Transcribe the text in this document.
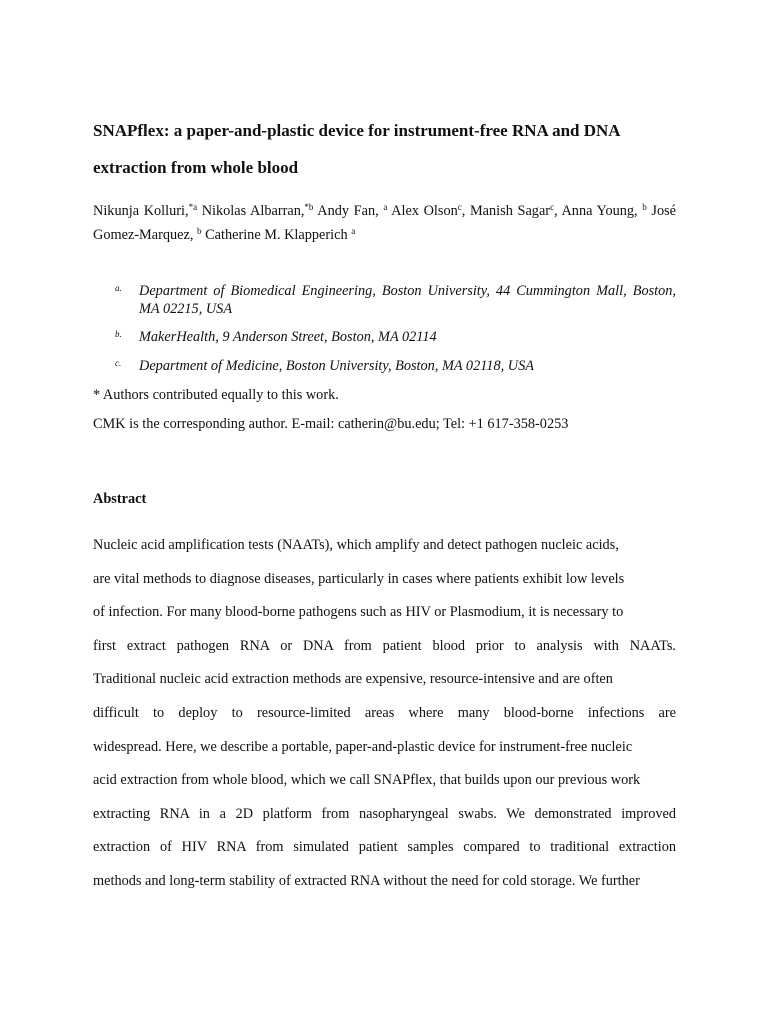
SNAPflex: a paper-and-plastic device for instrument-free RNA and DNA extraction from whole blood

Nikunja Kolluri,$^{*a}$ Nikolas Albarran,$^{*b}$ Andy Fan, $^a$ Alex Olson$^c$, Manish Sagar$^c$, Anna Young, $^b$ José Gomez-Marquez, $^b$ Catherine M. Klapperich $^a$

a. Department of Biomedical Engineering, Boston University, 44 Cummington Mall, Boston, MA 02215, USA
b. MakerHealth, 9 Anderson Street, Boston, MA 02114
c. Department of Medicine, Boston University, Boston, MA 02118, USA
* Authors contributed equally to this work.
CMK is the corresponding author. E-mail: catherin@bu.edu; Tel: +1 617-358-0253
Abstract
Nucleic acid amplification tests (NAATs), which amplify and detect pathogen nucleic acids,
are vital methods to diagnose diseases, particularly in cases where patients exhibit low levels
of infection. For many blood-borne pathogens such as HIV or Plasmodium, it is necessary to
first extract pathogen RNA or DNA from patient blood prior to analysis with NAATs.
Traditional nucleic acid extraction methods are expensive, resource-intensive and are often
difficult to deploy to resource-limited areas where many blood-borne infections are
widespread. Here, we describe a portable, paper-and-plastic device for instrument-free nucleic
acid extraction from whole blood, which we call SNAPflex, that builds upon our previous work
extracting RNA in a 2D platform from nasopharyngeal swabs. We demonstrated improved
extraction of HIV RNA from simulated patient samples compared to traditional extraction
methods and long-term stability of extracted RNA without the need for cold storage. We further
